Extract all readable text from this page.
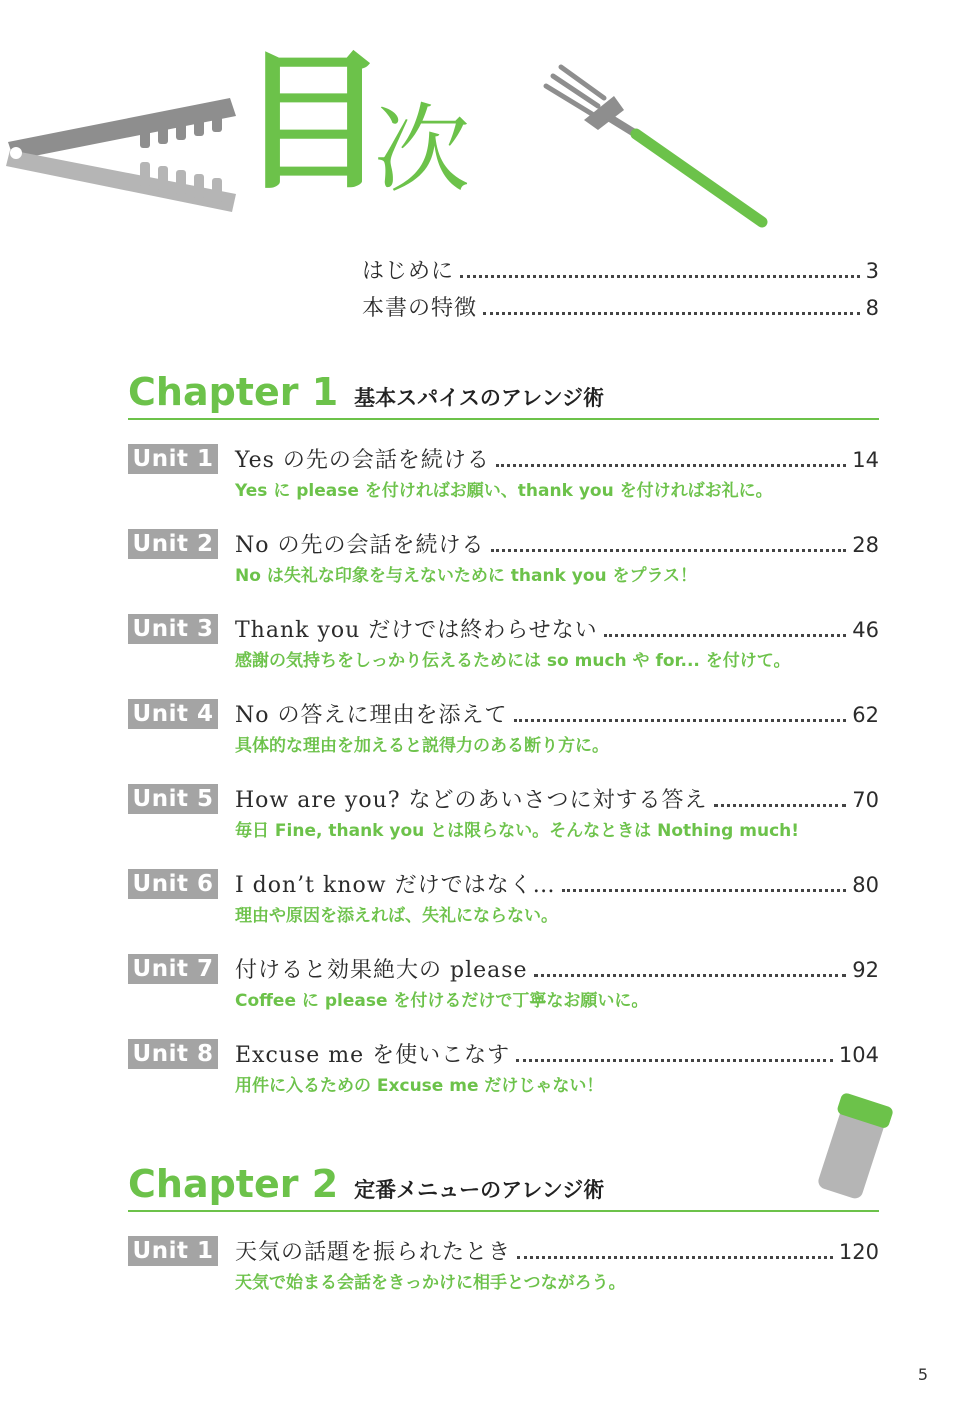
目
次
はじめに	3
本書の特徴	8
Chapter 1 基本スパイスのアレンジ術
Unit 1 Yes の先の会話を続ける	14
Yes に please を付ければお願い、thank you を付ければお礼に。
Unit 2 No の先の会話を続ける	28
No は失礼な印象を与えないために thank you をプラス！
Unit 3 Thank you だけでは終わらせない	46
感謝の気持ちをしっかり伝えるためには so much や for... を付けて。
Unit 4 No の答えに理由を添えて	62
具体的な理由を加えると説得力のある断り方に。
Unit 5 How are you? などのあいさつに対する答え	70
毎日 Fine, thank you とは限らない。そんなときは Nothing much!
Unit 6 I don’t know だけではなく…	80
理由や原因を添えれば、失礼にならない。
Unit 7 付けると効果絶大の please	92
Coffee に please を付けるだけで丁寧なお願いに。
Unit 8 Excuse me を使いこなす	104
用件に入るための Excuse me だけじゃない！
Chapter 2 定番メニューのアレンジ術
Unit 1 天気の話題を振られたとき	120
天気で始まる会話をきっかけに相手とつながろう。
5
